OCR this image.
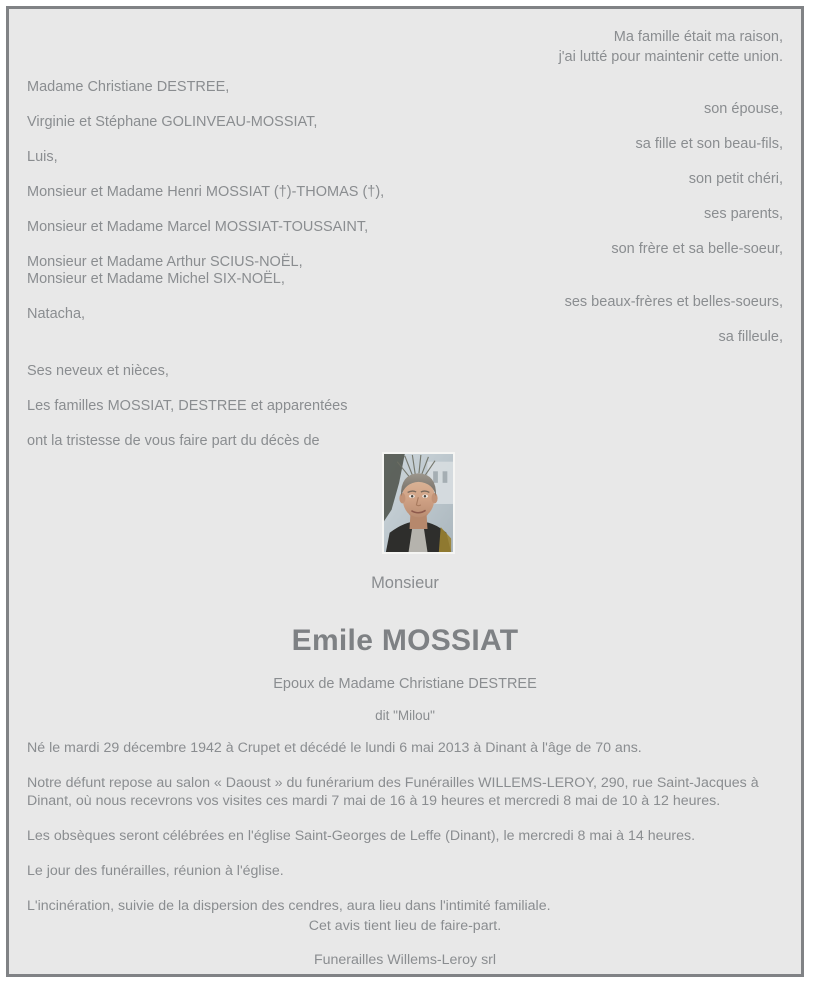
Ma famille était ma raison,
j'ai lutté pour maintenir cette union.
Madame Christiane DESTREE,
Virginie et Stéphane GOLINVEAU-MOSSIAT,
Luis,
Monsieur et Madame Henri MOSSIAT (†)-THOMAS (†),
Monsieur et Madame Marcel MOSSIAT-TOUSSAINT,
Monsieur et Madame Arthur SCIUS-NOËL,
Monsieur et Madame Michel SIX-NOËL,
Natacha,
Ses neveux et nièces,
Les familles MOSSIAT, DESTREE et apparentées
ont la tristesse de vous faire part du décès de
son épouse,
sa fille et son beau-fils,
son petit chéri,
ses parents,
son frère et sa belle-soeur,
ses beaux-frères et belles-soeurs,
sa filleule,
Monsieur
Emile MOSSIAT
Epoux de Madame Christiane DESTREE
dit "Milou"
Né le mardi 29 décembre 1942 à Crupet et décédé le lundi 6 mai 2013 à Dinant à l'âge de 70 ans.
Notre défunt repose au salon « Daoust » du funérarium des Funérailles WILLEMS-LEROY, 290, rue Saint-Jacques à Dinant, où nous recevrons vos visites ces mardi 7 mai de 16 à 19 heures et mercredi 8 mai de 10 à 12 heures.
Les obsèques seront célébrées en l'église Saint-Georges de Leffe (Dinant), le mercredi 8 mai à 14 heures.
Le jour des funérailles, réunion à l'église.
L'incinération, suivie de la dispersion des cendres, aura lieu dans l'intimité familiale.
Cet avis tient lieu de faire-part.
Funerailles Willems-Leroy srl
